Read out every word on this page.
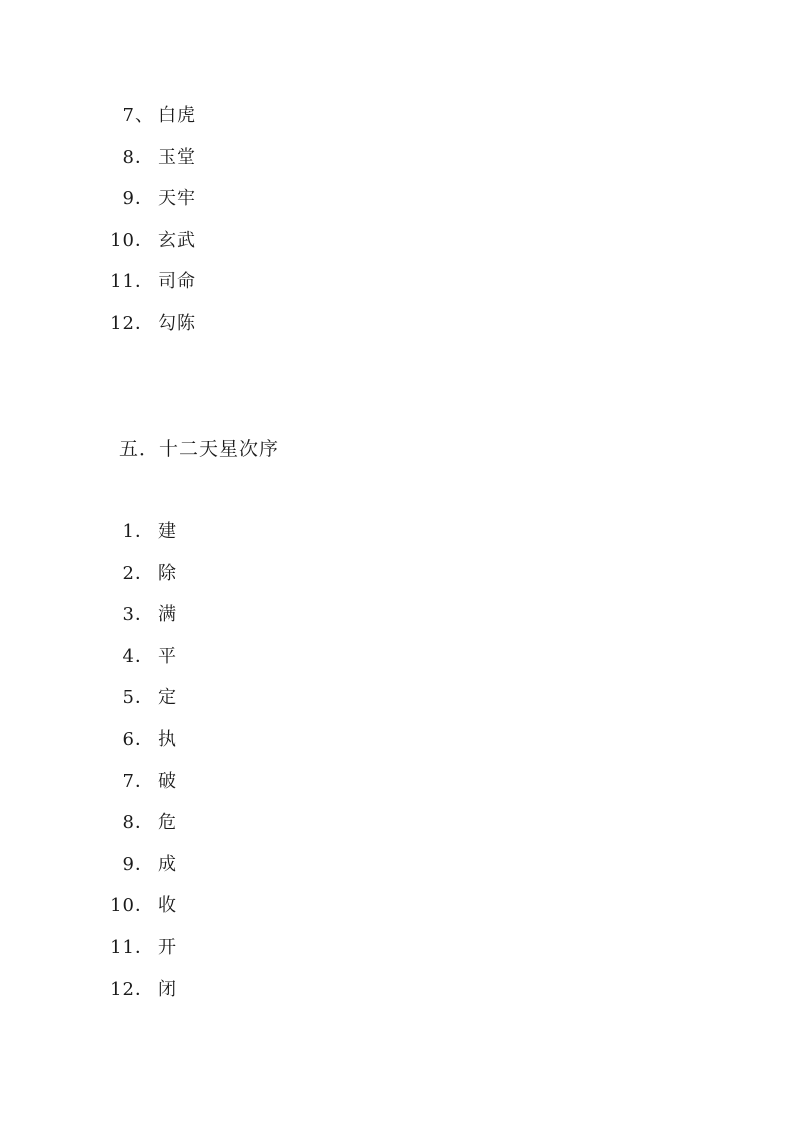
7、 白虎
8． 玉堂
9． 天牢
10． 玄武
11． 司命
12． 勾陈
五．十二天星次序
1． 建
2． 除
3． 满
4． 平
5． 定
6． 执
7． 破
8． 危
9． 成
10． 收
11． 开
12． 闭
